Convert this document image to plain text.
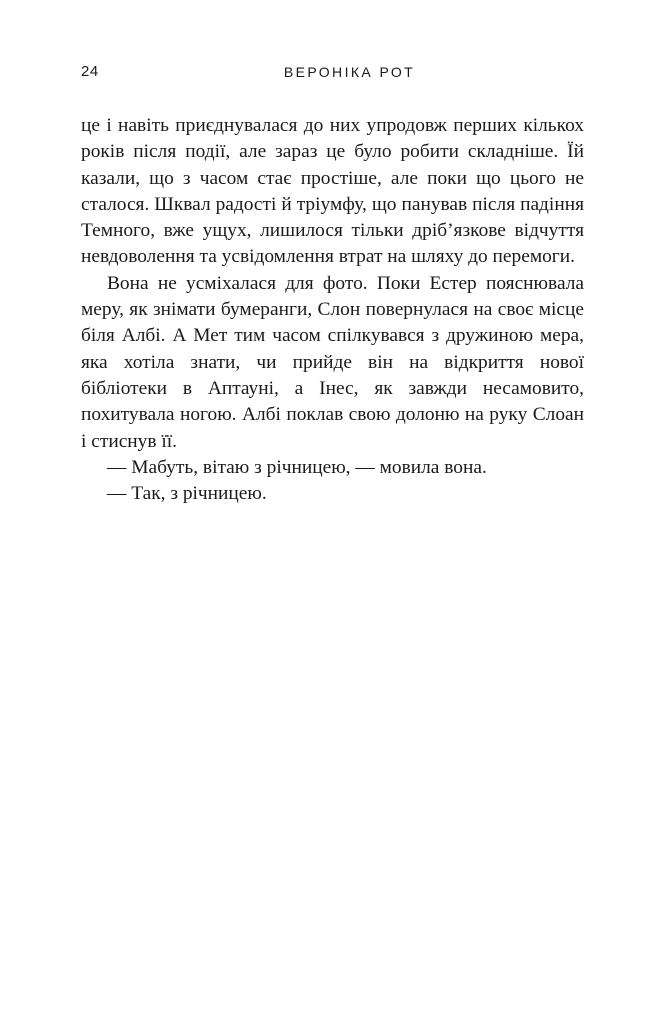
24	ВЕРОНІКА РОТ

це і навіть приєднувалася до них упродовж перших кількох років після події, але зараз це було робити складніше. Їй казали, що з часом стає простіше, але поки що цього не сталося. Шквал радості й тріумфу, що панував після падіння Темного, вже ущух, лишилося тільки дріб’язкове відчуття невдоволення та усвідомлення втрат на шляху до перемоги.

Вона не усміхалася для фото. Поки Естер пояснювала меру, як знімати бумеранги, Слон повернулася на своє місце біля Албі. А Мет тим часом спілкувався з дружиною мера, яка хотіла знати, чи прийде він на відкриття нової бібліотеки в Аптауні, а Інес, як завжди несамовито, похитувала ногою. Албі поклав свою долоню на руку Слоан і стиснув її.

— Мабуть, вітаю з річницею, — мовила вона.

— Так, з річницею.
